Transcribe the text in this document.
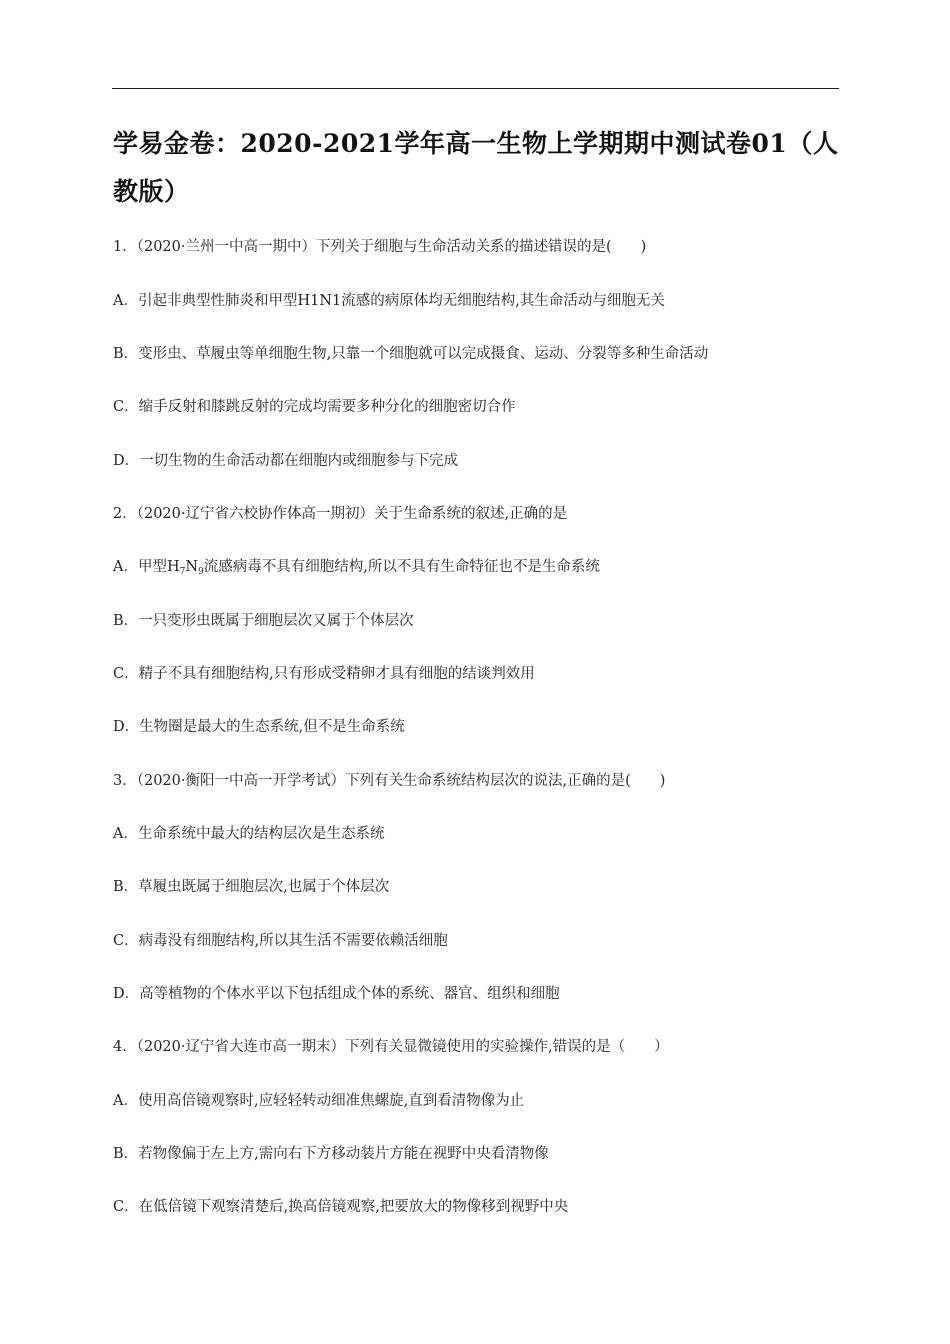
学易金卷：2020-2021学年高一生物上学期期中测试卷01（人教版）
1．（2020·兰州一中高一期中）下列关于细胞与生命活动关系的描述错误的是(　　)
A．引起非典型性肺炎和甲型H1N1流感的病原体均无细胞结构,其生命活动与细胞无关
B．变形虫、草履虫等单细胞生物,只靠一个细胞就可以完成摄食、运动、分裂等多种生命活动
C．缩手反射和膝跳反射的完成均需要多种分化的细胞密切合作
D．一切生物的生命活动都在细胞内或细胞参与下完成
2．（2020·辽宁省六校协作体高一期初）关于生命系统的叙述,正确的是
A．甲型$H_7N_9$流感病毒不具有细胞结构,所以不具有生命特征也不是生命系统
B．一只变形虫既属于细胞层次又属于个体层次
C．精子不具有细胞结构,只有形成受精卵才具有细胞的结谈判效用
D．生物圈是最大的生态系统,但不是生命系统
3．（2020·衡阳一中高一开学考试）下列有关生命系统结构层次的说法,正确的是(　　)
A．生命系统中最大的结构层次是生态系统
B．草履虫既属于细胞层次,也属于个体层次
C．病毒没有细胞结构,所以其生活不需要依赖活细胞
D．高等植物的个体水平以下包括组成个体的系统、器官、组织和细胞
4．（2020·辽宁省大连市高一期末）下列有关显微镜使用的实验操作,错误的是（　　）
A．使用高倍镜观察时,应轻轻转动细准焦螺旋,直到看清物像为止
B．若物像偏于左上方,需向右下方移动装片方能在视野中央看清物像
C．在低倍镜下观察清楚后,换高倍镜观察,把要放大的物像移到视野中央
